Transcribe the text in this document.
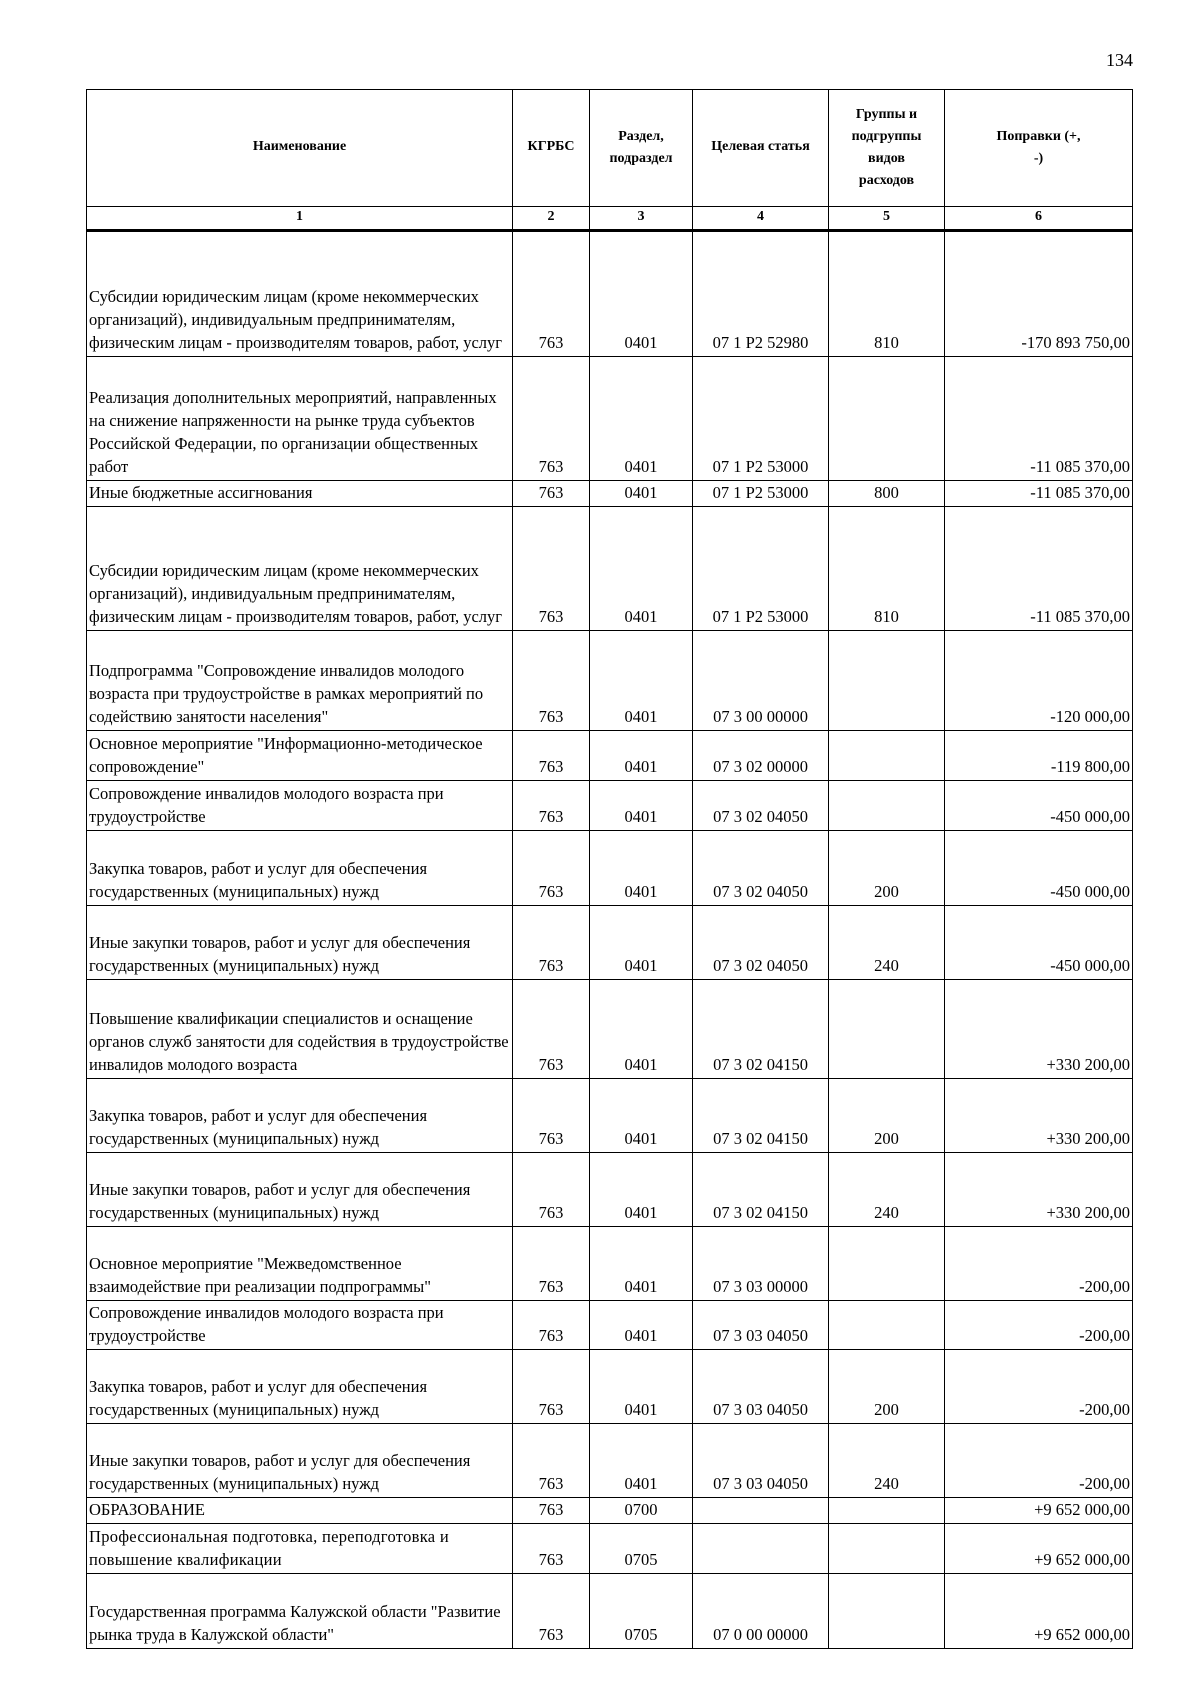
134
Наименование	КГРБС	Раздел, подраздел	Целевая статья	Группы и подгруппы видов расходов	Поправки (+, -)
1	2	3	4	5	6
Субсидии юридическим лицам (кроме некоммерческих организаций), индивидуальным предпринимателям, физическим лицам - производителям товаров, работ, услуг	763	0401	07 1 P2 52980	810	-170 893 750,00
Реализация дополнительных мероприятий, направленных на снижение напряженности на рынке труда субъектов Российской Федерации, по организации общественных работ	763	0401	07 1 P2 53000		-11 085 370,00
Иные бюджетные ассигнования	763	0401	07 1 P2 53000	800	-11 085 370,00
Субсидии юридическим лицам (кроме некоммерческих организаций), индивидуальным предпринимателям, физическим лицам - производителям товаров, работ, услуг	763	0401	07 1 P2 53000	810	-11 085 370,00
Подпрограмма "Сопровождение инвалидов молодого возраста при трудоустройстве в рамках мероприятий по содействию занятости населения"	763	0401	07 3 00 00000		-120 000,00
Основное мероприятие "Информационно-методическое сопровождение"	763	0401	07 3 02 00000		-119 800,00
Сопровождение инвалидов молодого возраста при трудоустройстве	763	0401	07 3 02 04050		-450 000,00
Закупка товаров, работ и услуг для обеспечения государственных (муниципальных) нужд	763	0401	07 3 02 04050	200	-450 000,00
Иные закупки товаров, работ и услуг для обеспечения государственных (муниципальных) нужд	763	0401	07 3 02 04050	240	-450 000,00
Повышение квалификации специалистов и оснащение органов служб занятости для содействия в трудоустройстве инвалидов молодого возраста	763	0401	07 3 02 04150		+330 200,00
Закупка товаров, работ и услуг для обеспечения государственных (муниципальных) нужд	763	0401	07 3 02 04150	200	+330 200,00
Иные закупки товаров, работ и услуг для обеспечения государственных (муниципальных) нужд	763	0401	07 3 02 04150	240	+330 200,00
Основное мероприятие "Межведомственное взаимодействие при реализации подпрограммы"	763	0401	07 3 03 00000		-200,00
Сопровождение инвалидов молодого возраста при трудоустройстве	763	0401	07 3 03 04050		-200,00
Закупка товаров, работ и услуг для обеспечения государственных (муниципальных) нужд	763	0401	07 3 03 04050	200	-200,00
Иные закупки товаров, работ и услуг для обеспечения государственных (муниципальных) нужд	763	0401	07 3 03 04050	240	-200,00
ОБРАЗОВАНИЕ	763	0700			+9 652 000,00
Профессиональная подготовка, переподготовка и повышение квалификации	763	0705			+9 652 000,00
Государственная программа Калужской области "Развитие рынка труда в Калужской области"	763	0705	07 0 00 00000		+9 652 000,00
